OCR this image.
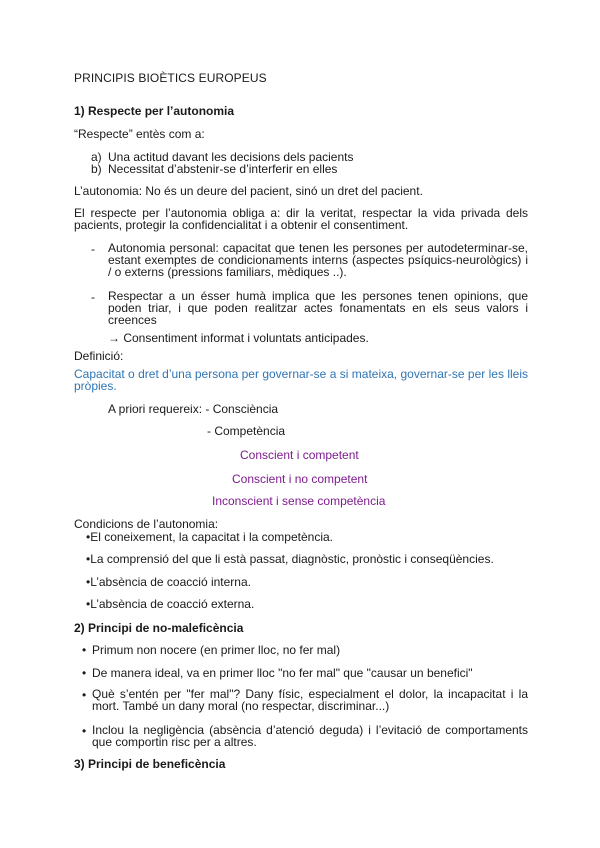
PRINCIPIS BIOÈTICS EUROPEUS
1) Respecte per l’autonomia
“Respecte” entès com a:
a) Una actitud davant les decisions dels pacients
b) Necessitat d’abstenir-se d’interferir en elles
L’autonomia: No és un deure del pacient, sinó un dret del pacient.
El respecte per l’autonomia obliga a: dir la veritat, respectar la vida privada dels pacients, protegir la confidencialitat i a obtenir el consentiment.
- Autonomia personal: capacitat que tenen les persones per autodeterminar-se, estant exemptes de condicionaments interns (aspectes psíquics-neurològics) i / o externs (pressions familiars, mèdiques ..).
- Respectar a un ésser humà implica que les persones tenen opinions, que poden triar, i que poden realitzar actes fonamentats en els seus valors i creences
→ Consentiment informat i voluntats anticipades.
Definició:
Capacitat o dret d’una persona per governar-se a si mateixa, governar-se per les lleis pròpies.
A priori requereix: - Consciència
- Competència
Conscient i competent
Conscient i no competent
Inconscient i sense competència
Condicions de l’autonomia:
•El coneixement, la capacitat i la competència.
•La comprensió del que li està passat, diagnòstic, pronòstic i conseqüències.
•L’absència de coacció interna.
•L’absència de coacció externa.
2) Principi de no-maleficència
• Primum non nocere (en primer lloc, no fer mal)
• De manera ideal, va en primer lloc "no fer mal" que "causar un benefici"
• Què s’entén per "fer mal"? Dany físic, especialment el dolor, la incapacitat i la mort. També un dany moral (no respectar, discriminar...)
• Inclou la negligència (absència d’atenció deguda) i l’evitació de comportaments que comportin risc per a altres.
3) Principi de beneficència
